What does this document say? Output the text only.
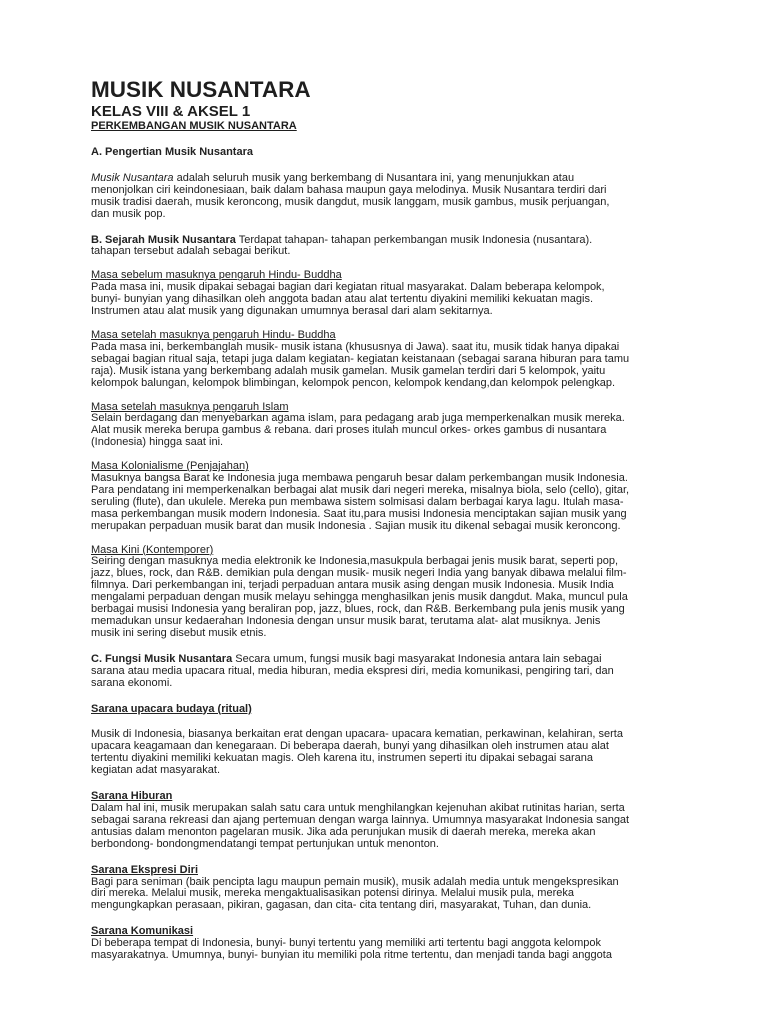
MUSIK NUSANTARA
KELAS VIII & AKSEL 1
PERKEMBANGAN MUSIK NUSANTARA

A. Pengertian Musik Nusantara

Musik Nusantara adalah seluruh musik yang berkembang di Nusantara ini, yang menunjukkan atau
menonjolkan ciri keindonesiaan, baik dalam bahasa maupun gaya melodinya. Musik Nusantara terdiri dari
musik tradisi daerah, musik keroncong, musik dangdut, musik langgam, musik gambus, musik perjuangan,
dan musik pop.

B. Sejarah Musik Nusantara Terdapat tahapan- tahapan perkembangan musik Indonesia (nusantara).
tahapan tersebut adalah sebagai berikut.

Masa sebelum masuknya pengaruh Hindu- Buddha
Pada masa ini, musik dipakai sebagai bagian dari kegiatan ritual masyarakat. Dalam beberapa kelompok,
bunyi- bunyian yang dihasilkan oleh anggota badan atau alat tertentu diyakini memiliki kekuatan magis.
Instrumen atau alat musik yang digunakan umumnya berasal dari alam sekitarnya.

Masa setelah masuknya pengaruh Hindu- Buddha
Pada masa ini, berkembanglah musik- musik istana (khususnya di Jawa). saat itu, musik tidak hanya dipakai
sebagai bagian ritual saja, tetapi juga dalam kegiatan- kegiatan keistanaan (sebagai sarana hiburan para tamu
raja). Musik istana yang berkembang adalah musik gamelan. Musik gamelan terdiri dari 5 kelompok, yaitu
kelompok balungan, kelompok blimbingan, kelompok pencon, kelompok kendang,dan kelompok pelengkap.

Masa setelah masuknya pengaruh Islam
Selain berdagang dan menyebarkan agama islam, para pedagang arab juga memperkenalkan musik mereka.
Alat musik mereka berupa gambus & rebana. dari proses itulah muncul orkes- orkes gambus di nusantara
(Indonesia) hingga saat ini.

Masa Kolonialisme (Penjajahan)
Masuknya bangsa Barat ke Indonesia juga membawa pengaruh besar dalam perkembangan musik Indonesia.
Para pendatang ini memperkenalkan berbagai alat musik dari negeri mereka, misalnya biola, selo (cello), gitar,
seruling (flute), dan ukulele. Mereka pun membawa sistem solmisasi dalam berbagai karya lagu. Itulah masa-
masa perkembangan musik modern Indonesia. Saat itu,para musisi Indonesia menciptakan sajian musik yang
merupakan perpaduan musik barat dan musik Indonesia . Sajian musik itu dikenal sebagai musik keroncong.

Masa Kini (Kontemporer)
Seiring dengan masuknya media elektronik ke Indonesia,masukpula berbagai jenis musik barat, seperti pop,
jazz, blues, rock, dan R&B. demikian pula dengan musik- musik negeri India yang banyak dibawa melalui film-
filmnya. Dari perkembangan ini, terjadi perpaduan antara musik asing dengan musik Indonesia. Musik India
mengalami perpaduan dengan musik melayu sehingga menghasilkan jenis musik dangdut. Maka, muncul pula
berbagai musisi Indonesia yang beraliran pop, jazz, blues, rock, dan R&B. Berkembang pula jenis musik yang
memadukan unsur kedaerahan Indonesia dengan unsur musik barat, terutama alat- alat musiknya. Jenis
musik ini sering disebut musik etnis.

C. Fungsi Musik Nusantara Secara umum, fungsi musik bagi masyarakat Indonesia antara lain sebagai
sarana atau media upacara ritual, media hiburan, media ekspresi diri, media komunikasi, pengiring tari, dan
sarana ekonomi.

Sarana upacara budaya (ritual)

Musik di Indonesia, biasanya berkaitan erat dengan upacara- upacara kematian, perkawinan, kelahiran, serta
upacara keagamaan dan kenegaraan. Di beberapa daerah, bunyi yang dihasilkan oleh instrumen atau alat
tertentu diyakini memiliki kekuatan magis. Oleh karena itu, instrumen seperti itu dipakai sebagai sarana
kegiatan adat masyarakat.

Sarana Hiburan
Dalam hal ini, musik merupakan salah satu cara untuk menghilangkan kejenuhan akibat rutinitas harian, serta
sebagai sarana rekreasi dan ajang pertemuan dengan warga lainnya. Umumnya masyarakat Indonesia sangat
antusias dalam menonton pagelaran musik. Jika ada perunjukan musik di daerah mereka, mereka akan
berbondong- bondongmendatangi tempat pertunjukan untuk menonton.

Sarana Ekspresi Diri
Bagi para seniman (baik pencipta lagu maupun pemain musik), musik adalah media untuk mengekspresikan
diri mereka. Melalui musik, mereka mengaktualisasikan potensi dirinya. Melalui musik pula, mereka
mengungkapkan perasaan, pikiran, gagasan, dan cita- cita tentang diri, masyarakat, Tuhan, dan dunia.

Sarana Komunikasi
Di beberapa tempat di Indonesia, bunyi- bunyi tertentu yang memiliki arti tertentu bagi anggota kelompok
masyarakatnya. Umumnya, bunyi- bunyian itu memiliki pola ritme tertentu, dan menjadi tanda bagi anggota
